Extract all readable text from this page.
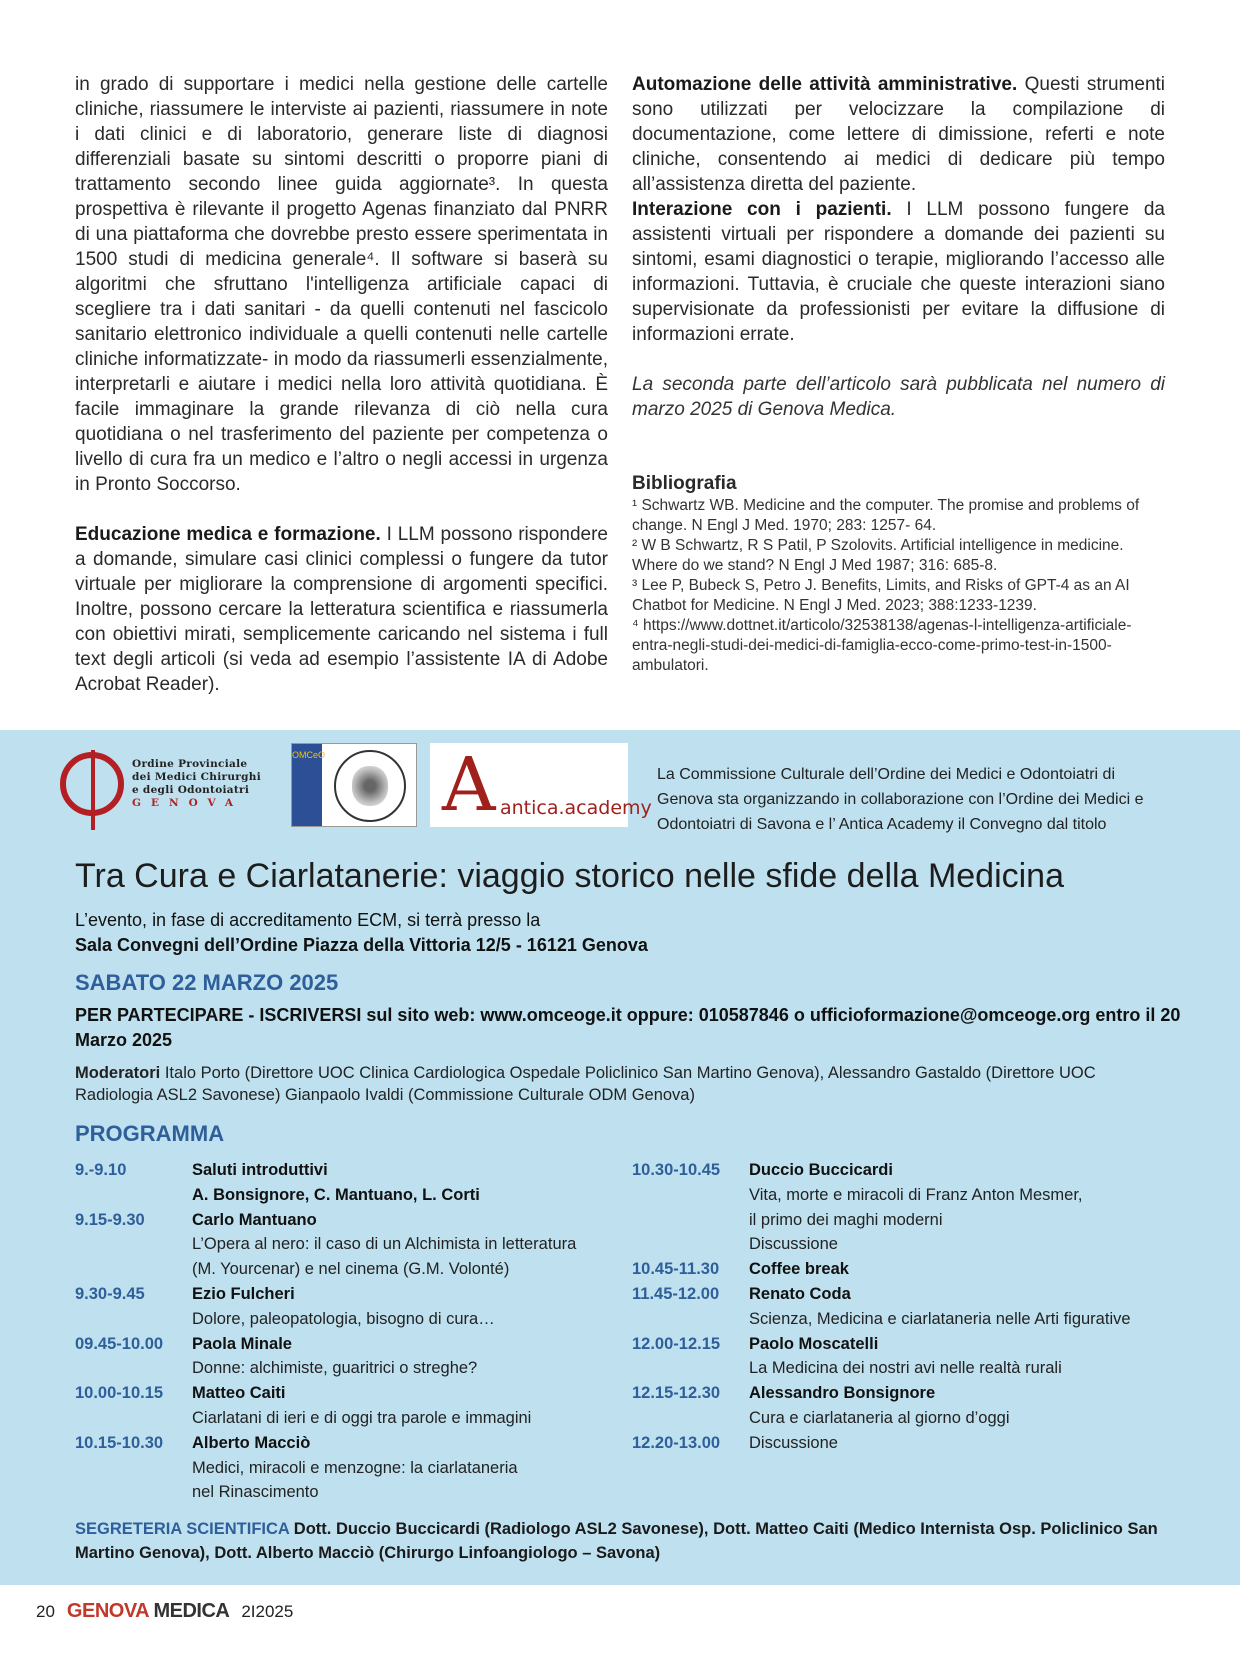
in grado di supportare i medici nella gestione delle cartelle cliniche, riassumere le interviste ai pazienti, riassumere in note i dati clinici e di laboratorio, generare liste di diagnosi differenziali basate su sintomi descritti o proporre piani di trattamento secondo linee guida aggiornate³. In questa prospettiva è rilevante il progetto Agenas finanziato dal PNRR di una piattaforma che dovrebbe presto essere sperimentata in 1500 studi di medicina generale⁴. Il software si baserà su algoritmi che sfruttano l'intelligenza artificiale capaci di scegliere tra i dati sanitari - da quelli contenuti nel fascicolo sanitario elettronico individuale a quelli contenuti nelle cartelle cliniche informatizzate- in modo da riassumerli essenzialmente, interpretarli e aiutare i medici nella loro attività quotidiana. È facile immaginare la grande rilevanza di ciò nella cura quotidiana o nel trasferimento del paziente per competenza o livello di cura fra un medico e l’altro o negli accessi in urgenza in Pronto Soccorso.

Educazione medica e formazione. I LLM possono rispondere a domande, simulare casi clinici complessi o fungere da tutor virtuale per migliorare la comprensione di argomenti specifici. Inoltre, possono cercare la letteratura scientifica e riassumerla con obiettivi mirati, semplicemente caricando nel sistema i full text degli articoli (si veda ad esempio l’assistente IA di Adobe Acrobat Reader).

Automazione delle attività amministrative. Questi strumenti sono utilizzati per velocizzare la compilazione di documentazione, come lettere di dimissione, referti e note cliniche, consentendo ai medici di dedicare più tempo all’assistenza diretta del paziente.

Interazione con i pazienti. I LLM possono fungere da assistenti virtuali per rispondere a domande dei pazienti su sintomi, esami diagnostici o terapie, migliorando l’accesso alle informazioni. Tuttavia, è cruciale che queste interazioni siano supervisionate da professionisti per evitare la diffusione di informazioni errate.

La seconda parte dell’articolo sarà pubblicata nel numero di marzo 2025 di Genova Medica.

Bibliografia

¹ Schwartz WB. Medicine and the computer. The promise and problems of change. N Engl J Med. 1970; 283: 1257- 64.

² W B Schwartz, R S Patil, P Szolovits. Artificial intelligence in medicine. Where do we stand? N Engl J Med 1987; 316: 685-8.

³ Lee P, Bubeck S, Petro J. Benefits, Limits, and Risks of GPT-4 as an AI Chatbot for Medicine. N Engl J Med. 2023; 388:1233-1239.

⁴ https://www.dottnet.it/articolo/32538138/agenas-l-intelligenza-artificiale-entra-negli-studi-dei-medici-di-famiglia-ecco-come-primo-test-in-1500-ambulatori.

Ordine Provinciale
dei Medici Chirurghi
e degli Odontoiatri
GENOVA
OMCeO A antica.academy
La Commissione Culturale dell’Ordine dei Medici e Odontoiatri di Genova sta organizzando in collaborazione con l’Ordine dei Medici e Odontoiatri di Savona e l’ Antica Academy il Convegno dal titolo
Tra Cura e Ciarlatanerie: viaggio storico nelle sfide della Medicina
L’evento, in fase di accreditamento ECM, si terrà presso la
Sala Convegni dell’Ordine Piazza della Vittoria 12/5 - 16121 Genova
SABATO 22 MARZO 2025
PER PARTECIPARE - ISCRIVERSI sul sito web: www.omceoge.it oppure: 010587846 o ufficioformazione@omceoge.org entro il 20 Marzo 2025
Moderatori Italo Porto (Direttore UOC Clinica Cardiologica Ospedale Policlinico San Martino Genova), Alessandro Gastaldo (Direttore UOC Radiologia ASL2 Savonese) Gianpaolo Ivaldi (Commissione Culturale ODM Genova)
PROGRAMMA
9.-9.10	Saluti introduttivi
A. Bonsignore, C. Mantuano, L. Corti
9.15-9.30	Carlo Mantuano
L’Opera al nero: il caso di un Alchimista in letteratura
(M. Yourcenar) e nel cinema (G.M. Volonté)
9.30-9.45	Ezio Fulcheri
Dolore, paleopatologia, bisogno di cura…
09.45-10.00	Paola Minale
Donne: alchimiste, guaritrici o streghe?
10.00-10.15	Matteo Caiti
Ciarlatani di ieri e di oggi tra parole e immagini
10.15-10.30	Alberto Macciò
Medici, miracoli e menzogne: la ciarlataneria
nel Rinascimento
10.30-10.45	Duccio Buccicardi
Vita, morte e miracoli di Franz Anton Mesmer,
il primo dei maghi moderni
Discussione
10.45-11.30	Coffee break
11.45-12.00	Renato Coda
Scienza, Medicina e ciarlataneria nelle Arti figurative
12.00-12.15	Paolo Moscatelli
La Medicina dei nostri avi nelle realtà rurali
12.15-12.30	Alessandro Bonsignore
Cura e ciarlataneria al giorno d’oggi
12.20-13.00	Discussione
SEGRETERIA SCIENTIFICA Dott. Duccio Buccicardi (Radiologo ASL2 Savonese), Dott. Matteo Caiti (Medico Internista Osp. Policlinico San Martino Genova), Dott. Alberto Macciò (Chirurgo Linfoangiologo – Savona)
20 GENOVA MEDICA 2I2025
